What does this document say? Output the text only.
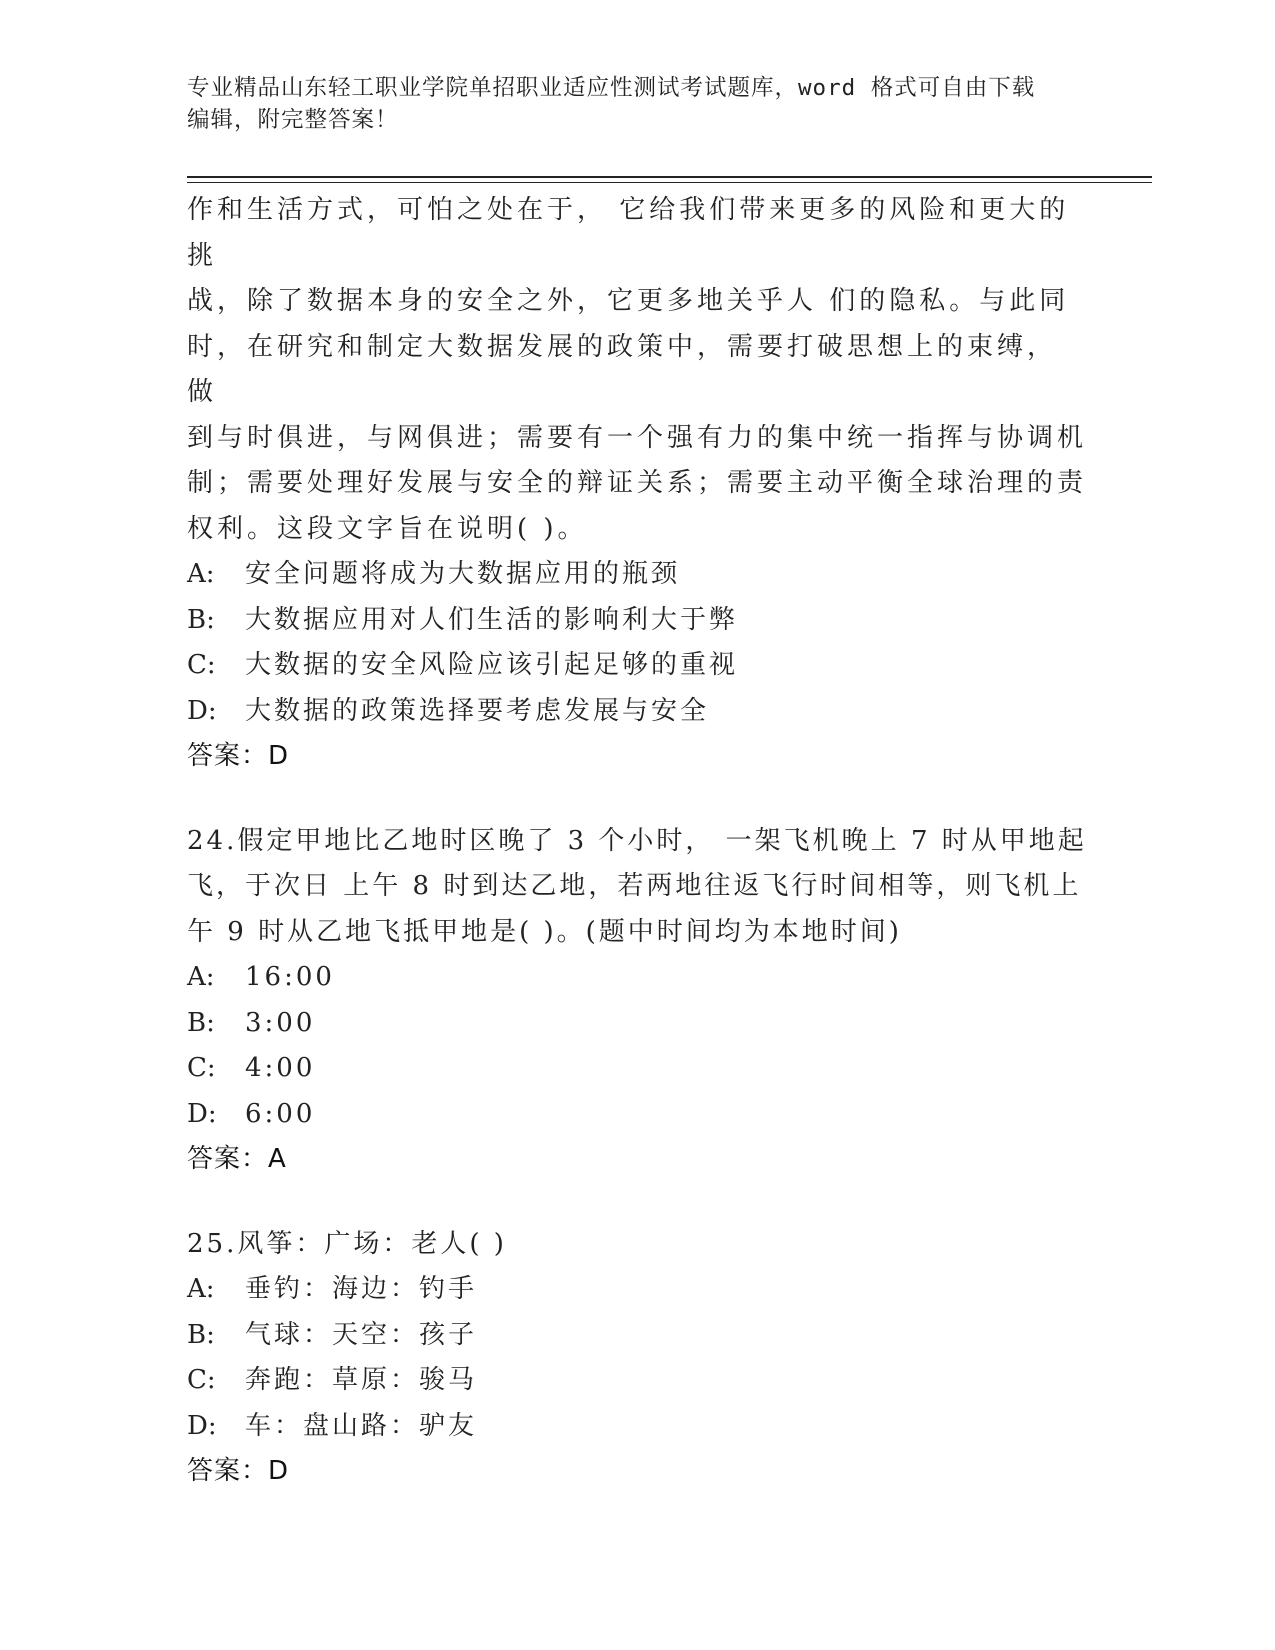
专业精品山东轻工职业学院单招职业适应性测试考试题库，word 格式可自由下载
编辑，附完整答案！
作和生活方式，可怕之处在于， 它给我们带来更多的风险和更大的挑
战，除了数据本身的安全之外，它更多地关乎人 们的隐私。与此同
时，在研究和制定大数据发展的政策中，需要打破思想上的束缚， 做
到与时俱进，与网俱进；需要有一个强有力的集中统一指挥与协调机
制；需要处理好发展与安全的辩证关系；需要主动平衡全球治理的责
权利。这段文字旨在说明( )。
A: 安全问题将成为大数据应用的瓶颈
B: 大数据应用对人们生活的影响利大于弊
C: 大数据的安全风险应该引起足够的重视
D: 大数据的政策选择要考虑发展与安全
答案：D
24.假定甲地比乙地时区晚了 3 个小时， 一架飞机晚上 7 时从甲地起
飞，于次日 上午 8 时到达乙地，若两地往返飞行时间相等，则飞机上
午 9 时从乙地飞抵甲地是( )。(题中时间均为本地时间)
A: 16:00
B: 3:00
C: 4:00
D: 6:00
答案：A
25.风筝：广场：老人( )
A: 垂钓：海边：钓手
B: 气球：天空：孩子
C: 奔跑：草原：骏马
D: 车：盘山路：驴友
答案：D
